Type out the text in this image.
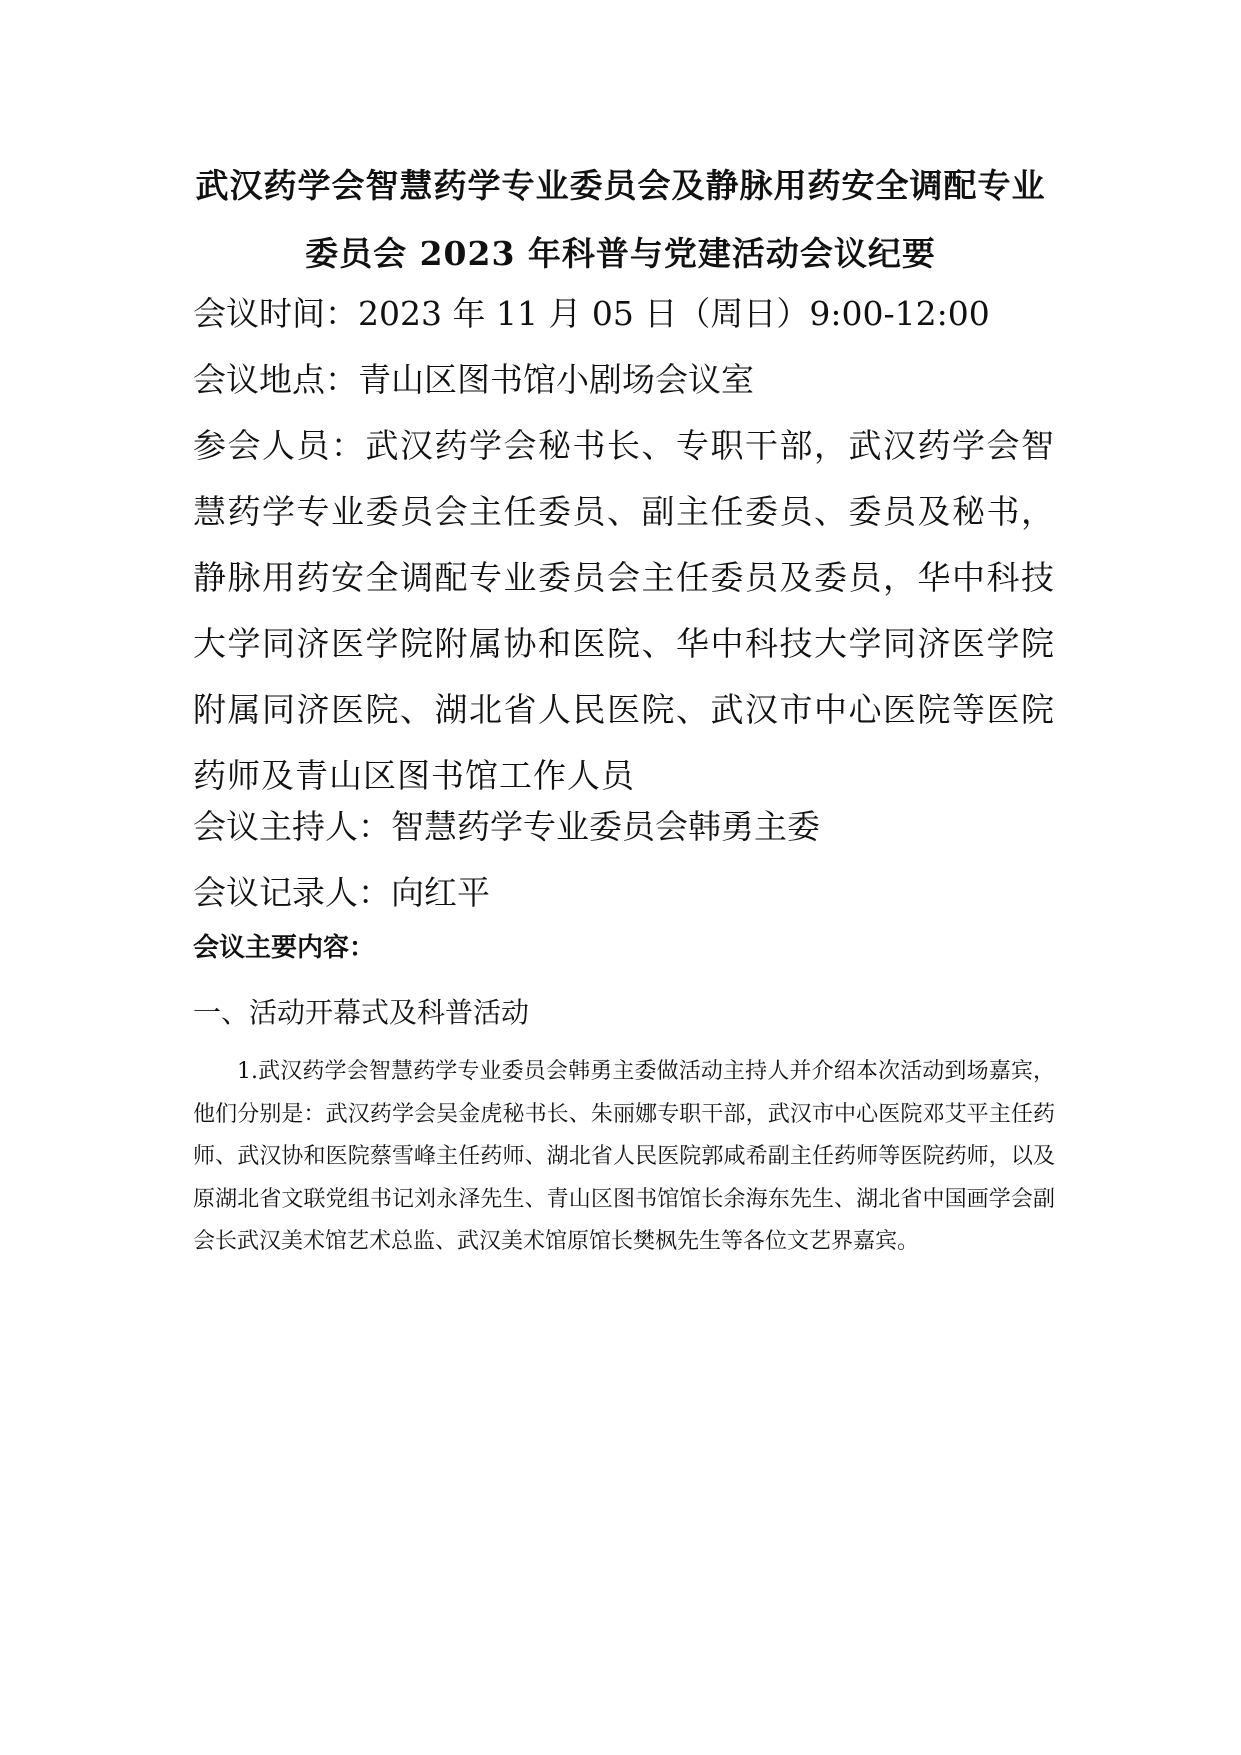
武汉药学会智慧药学专业委员会及静脉用药安全调配专业
委员会 2023 年科普与党建活动会议纪要
会议时间：2023 年 11 月 05 日（周日）9:00-12:00
会议地点：青山区图书馆小剧场会议室
参会人员：武汉药学会秘书长、专职干部，武汉药学会智慧药学专业委员会主任委员、副主任委员、委员及秘书，静脉用药安全调配专业委员会主任委员及委员，华中科技大学同济医学院附属协和医院、华中科技大学同济医学院附属同济医院、湖北省人民医院、武汉市中心医院等医院药师及青山区图书馆工作人员
会议主持人：智慧药学专业委员会韩勇主委
会议记录人：向红平
会议主要内容：
一、活动开幕式及科普活动
1.武汉药学会智慧药学专业委员会韩勇主委做活动主持人并介绍本次活动到场嘉宾，他们分别是：武汉药学会吴金虎秘书长、朱丽娜专职干部，武汉市中心医院邓艾平主任药师、武汉协和医院蔡雪峰主任药师、湖北省人民医院郭咸希副主任药师等医院药师，以及原湖北省文联党组书记刘永泽先生、青山区图书馆馆长余海东先生、湖北省中国画学会副会长武汉美术馆艺术总监、武汉美术馆原馆长樊枫先生等各位文艺界嘉宾。
